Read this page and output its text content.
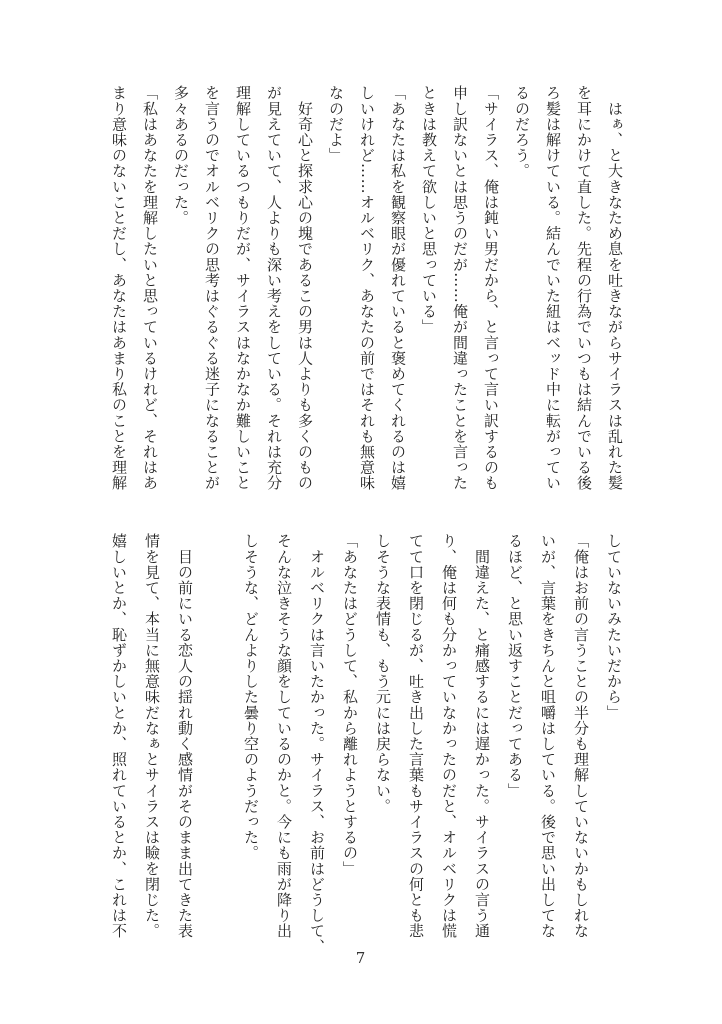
　はぁ、と大きなため息を吐きながらサイラスは乱れた髪
を耳にかけて直した。先程の行為でいつもは結んでいる後
ろ髪は解けている。結んでいた紐はベッド中に転がってい
るのだろう。
「サイラス、俺は鈍い男だから、と言って言い訳するのも
申し訳ないとは思うのだが……俺が間違ったことを言った
ときは教えて欲しいと思っている」
「あなたは私を観察眼が優れていると褒めてくれるのは嬉
しいけれど……オルベリク、あなたの前ではそれも無意味
なのだよ」
　好奇心と探求心の塊であるこの男は人よりも多くのもの
が見えていて、人よりも深い考えをしている。それは充分
理解しているつもりだが、サイラスはなかなか難しいこと
を言うのでオルベリクの思考はぐるぐる迷子になることが
多々あるのだった。
「私はあなたを理解したいと思っているけれど、それはあ
まり意味のないことだし、あなたはあまり私のことを理解
していないみたいだから」
「俺はお前の言うことの半分も理解していないかもしれな
いが、言葉をきちんと咀嚼はしている。後で思い出してな
るほど、と思い返すことだってある」
　間違えた、と痛感するには遅かった。サイラスの言う通
り、俺は何も分かっていなかったのだと、オルベリクは慌
てて口を閉じるが、吐き出した言葉もサイラスの何とも悲
しそうな表情も、もう元には戻らない。
「あなたはどうして、私から離れようとするの」
　オルベリクは言いたかった。サイラス、お前はどうして、
そんな泣きそうな顔をしているのかと。今にも雨が降り出
しそうな、どんよりした曇り空のようだった。

　目の前にいる恋人の揺れ動く感情がそのまま出てきた表
情を見て、本当に無意味だなぁとサイラスは瞼を閉じた。
嬉しいとか、恥ずかしいとか、照れているとか、これは不
7
